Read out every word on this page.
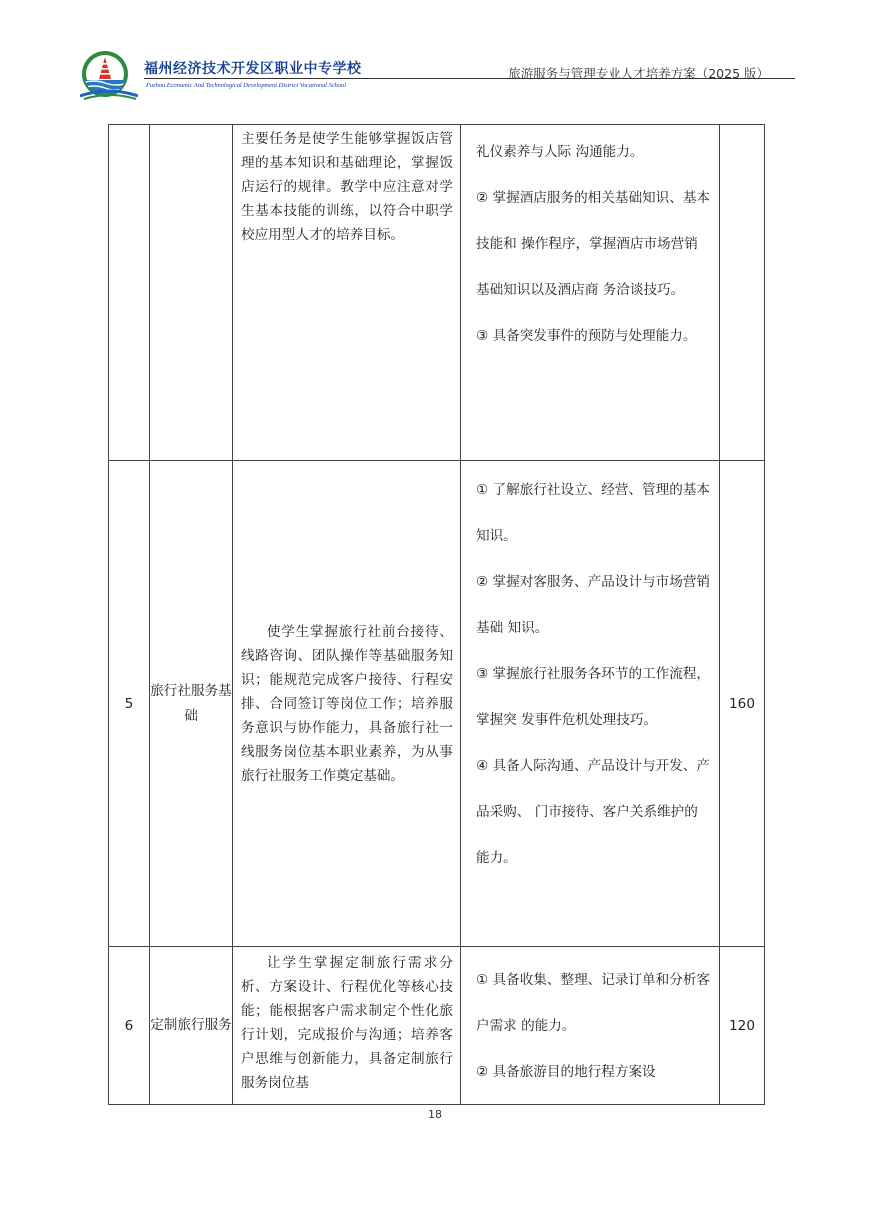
福州经济技术开发区职业中专学校
Fuzhou Economic And Technological Development District Vocational School
旅游服务与管理专业人才培养方案（2025 版）

		主要任务是使学生能够掌握饭店管理的基本知识和基础理论，掌握饭店运行的规律。教学中应注意对学生基本技能的训练，以符合中职学校应用型人才的培养目标。	礼仪素养与人际 沟通能力。

② 掌握酒店服务的相关基础知识、基本技能和 操作程序，掌握酒店市场营销基础知识以及酒店商 务洽谈技巧。

③ 具备突发事件的预防与处理能力。	

5	旅行社服务基础	使学生掌握旅行社前台接待、线路咨询、团队操作等基础服务知识；能规范完成客户接待、行程安排、合同签订等岗位工作；培养服务意识与协作能力，具备旅行社一线服务岗位基本职业素养，为从事旅行社服务工作奠定基础。	① 了解旅行社设立、经营、管理的基本知识。

② 掌握对客服务、产品设计与市场营销基础 知识。

③ 掌握旅行社服务各环节的工作流程，掌握突 发事件危机处理技巧。

④ 具备人际沟通、产品设计与开发、产品采购、 门市接待、客户关系维护的能力。	160
6	定制旅行服务	让学生掌握定制旅行需求分析、方案设计、行程优化等核心技能；能根据客户需求制定个性化旅行计划，完成报价与沟通；培养客户思维与创新能力，具备定制旅行服务岗位基	① 具备收集、整理、记录订单和分析客户需求 的能力。

② 具备旅游目的地行程方案设	120
18
